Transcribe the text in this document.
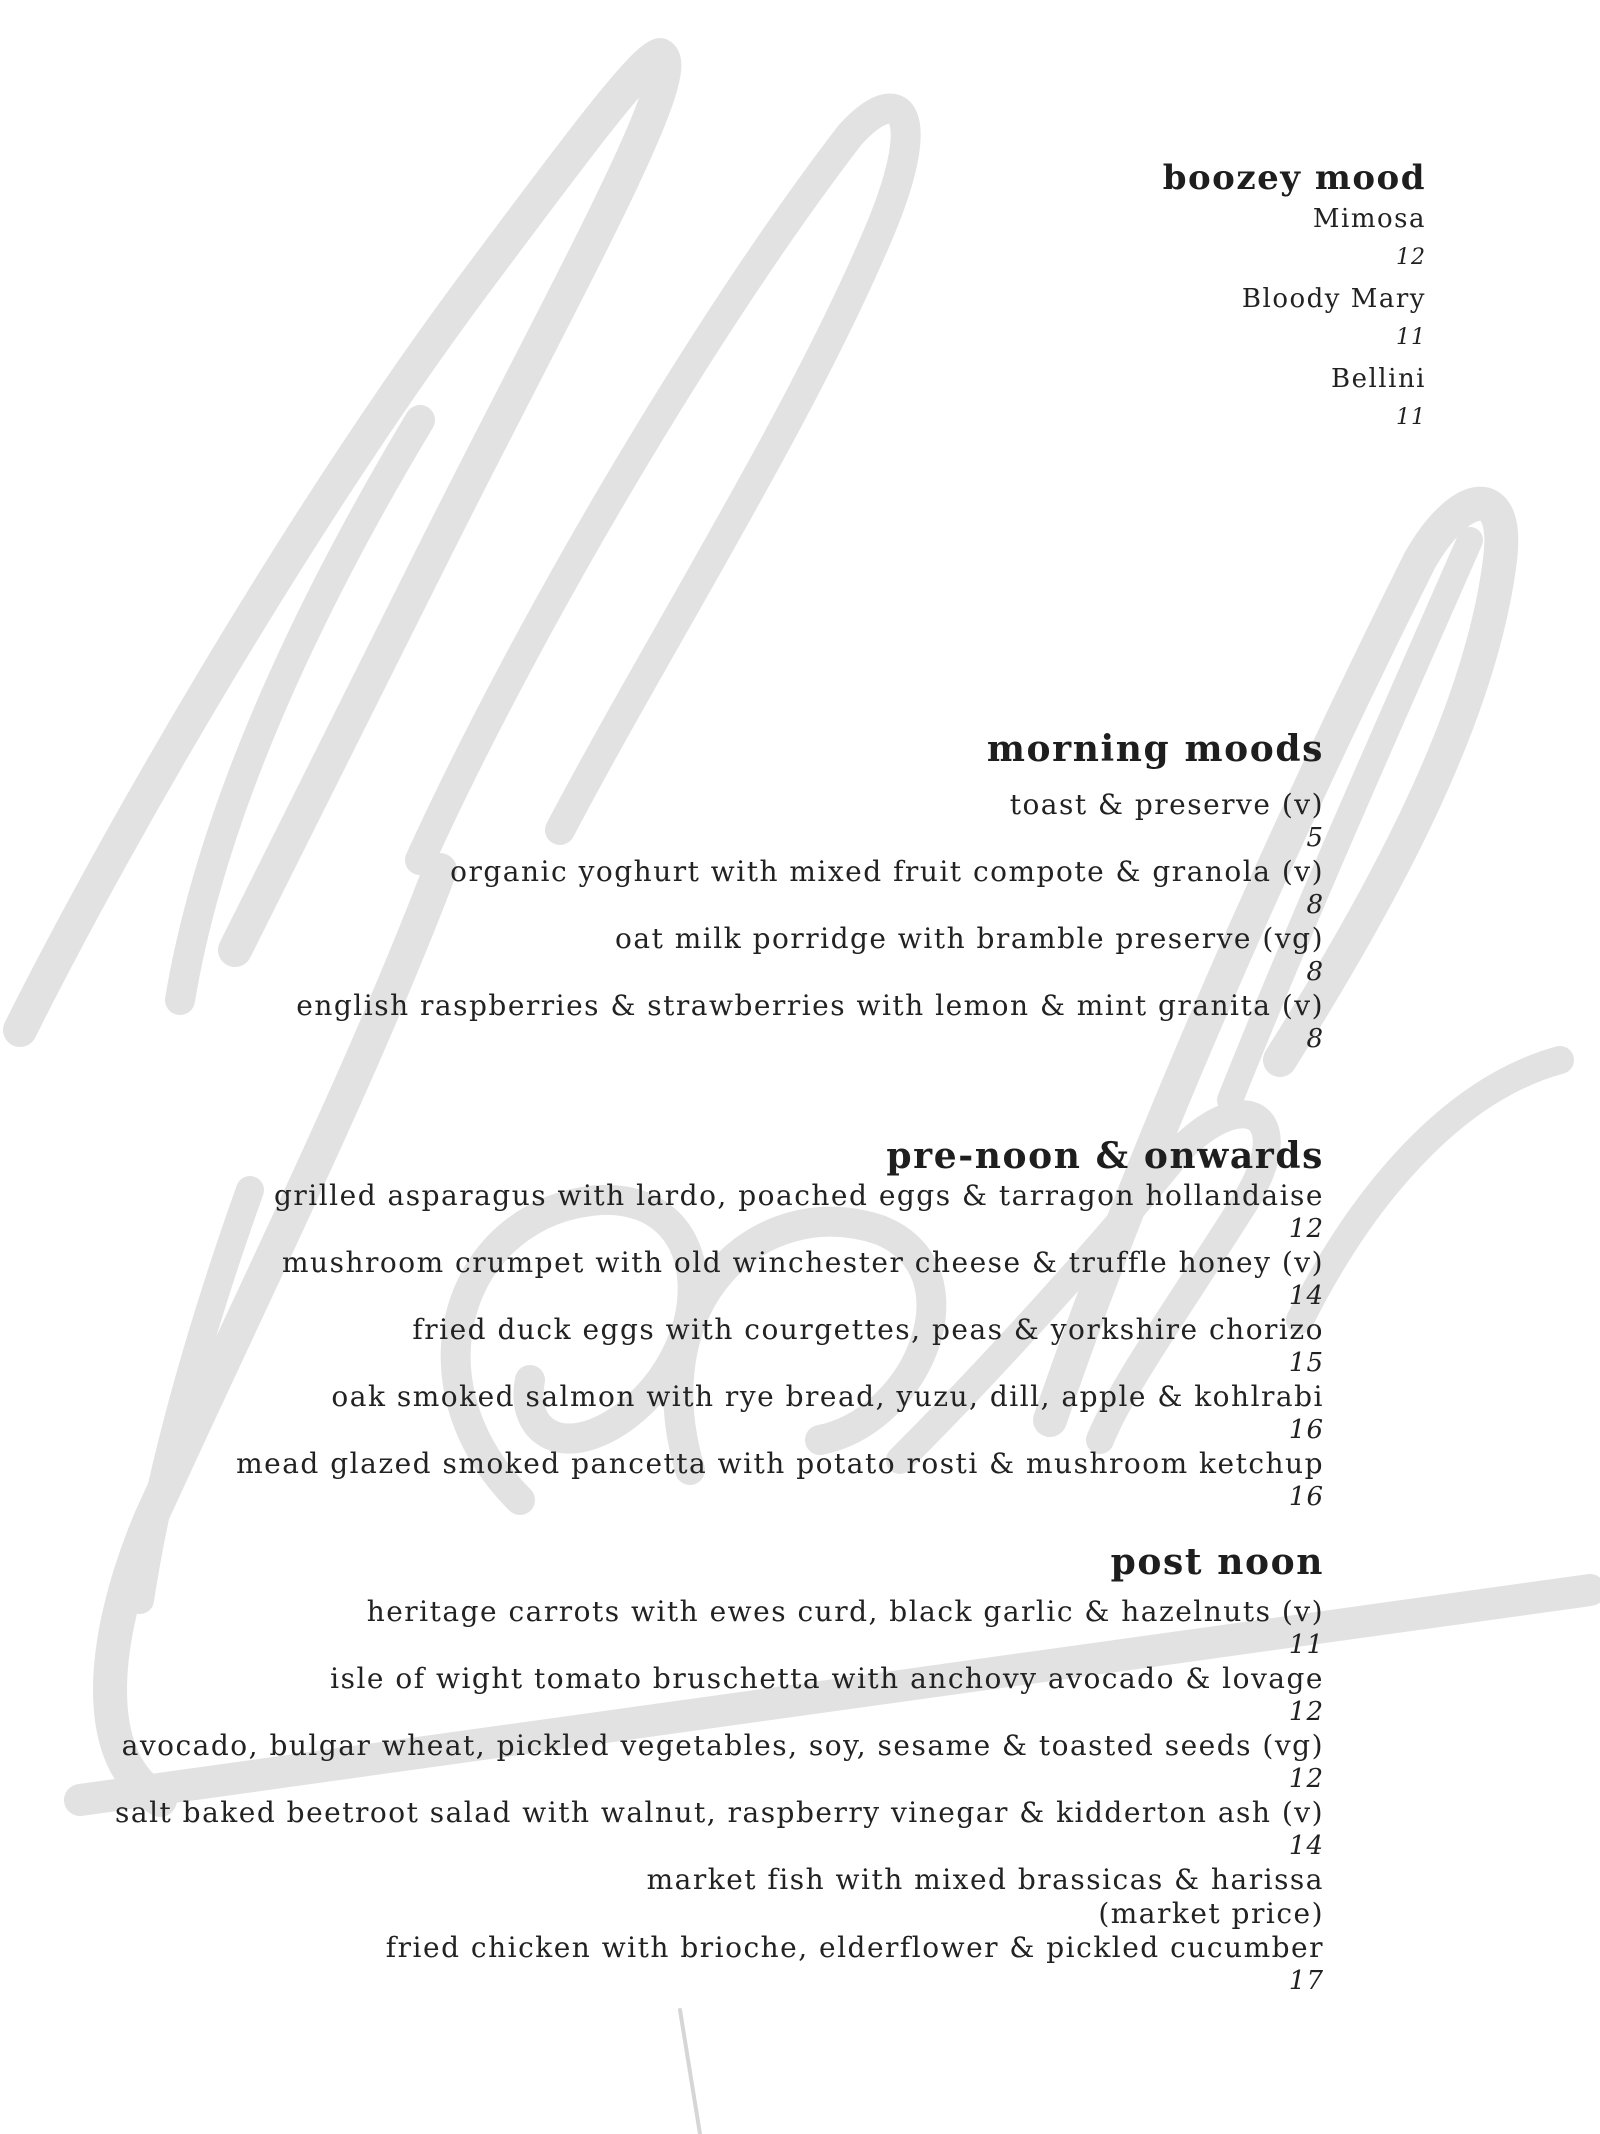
boozey mood
Mimosa
12
Bloody Mary
11
Bellini
11
morning moods
toast & preserve (v)
5
organic yoghurt with mixed fruit compote & granola (v)
8
oat milk porridge with bramble preserve (vg)
8
english raspberries & strawberries with lemon & mint granita (v)
8
pre-noon & onwards
grilled asparagus with lardo, poached eggs & tarragon hollandaise
12
mushroom crumpet with old winchester cheese & truffle honey (v)
14
fried duck eggs with courgettes, peas & yorkshire chorizo
15
oak smoked salmon with rye bread, yuzu, dill, apple & kohlrabi
16
mead glazed smoked pancetta with potato rosti & mushroom ketchup
16
post noon
heritage carrots with ewes curd, black garlic & hazelnuts (v)
11
isle of wight tomato bruschetta with anchovy avocado & lovage
12
avocado, bulgar wheat, pickled vegetables, soy, sesame & toasted seeds (vg)
12
salt baked beetroot salad with walnut, raspberry vinegar & kidderton ash (v)
14
market fish with mixed brassicas & harissa
(market price)
fried chicken with brioche, elderflower & pickled cucumber
17
